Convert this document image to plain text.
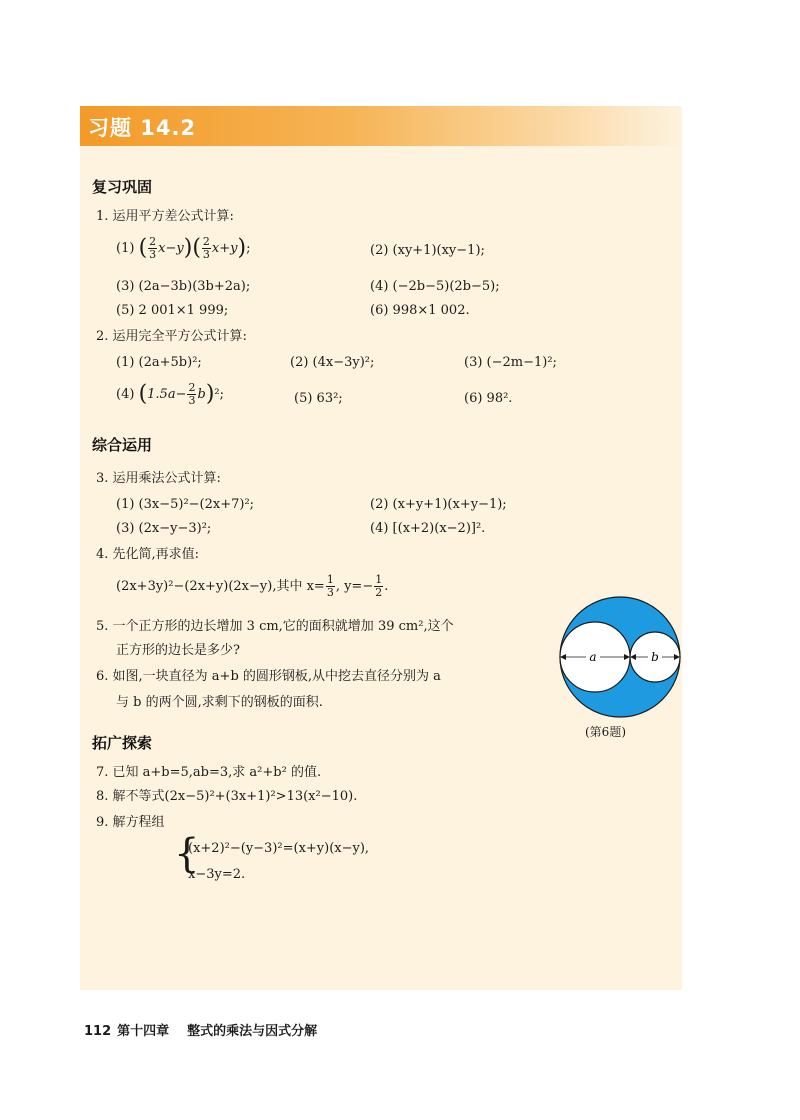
习题 14.2
复习巩固
1. 运用平方差公式计算:
(1) ( $\frac{2}{3} x-y)( \frac{2}{3} x+y)$;	(2) (xy+1)(xy−1);
(3) (2a−3b)(3b+2a);	(4) (−2b−5)(2b−5);
(5) 2 001×1 999;	(6) 998×1 002.
2. 运用完全平方公式计算:
(1) (2a+5b)²;	(2) (4x−3y)²;	(3) (−2m−1)²;
(4) $(1.5a- \frac{2}{3} b)^2$;	(5) 63²;	(6) 98².
综合运用
3. 运用乘法公式计算:
(1) (3x−5)²−(2x+7)²;	(2) (x+y+1)(x+y−1);
(3) (2x−y−3)²;	(4) [(x+2)(x−2)]².
4. 先化简,再求值:
(2x+3y)²−(2x+y)(2x−y),其中 $x= \frac{1}{3}$ , $y=- \frac{1}{2}$ .
5. 一个正方形的边长增加 3 cm,它的面积就增加 39 cm²,这个
正方形的边长是多少?
6. 如图,一块直径为 a+b 的圆形钢板,从中挖去直径分别为 a
与 b 的两个圆,求剩下的钢板的面积.
a	b
(第6题)
拓广探索
7. 已知 a+b=5,ab=3,求 a²+b² 的值.
8. 解不等式(2x−5)²+(3x+1)²>13(x²−10).
9. 解方程组
{
(x+2)²−(y−3)²=(x+y)(x−y),
x−3y=2.
112 第十四章 整式的乘法与因式分解
